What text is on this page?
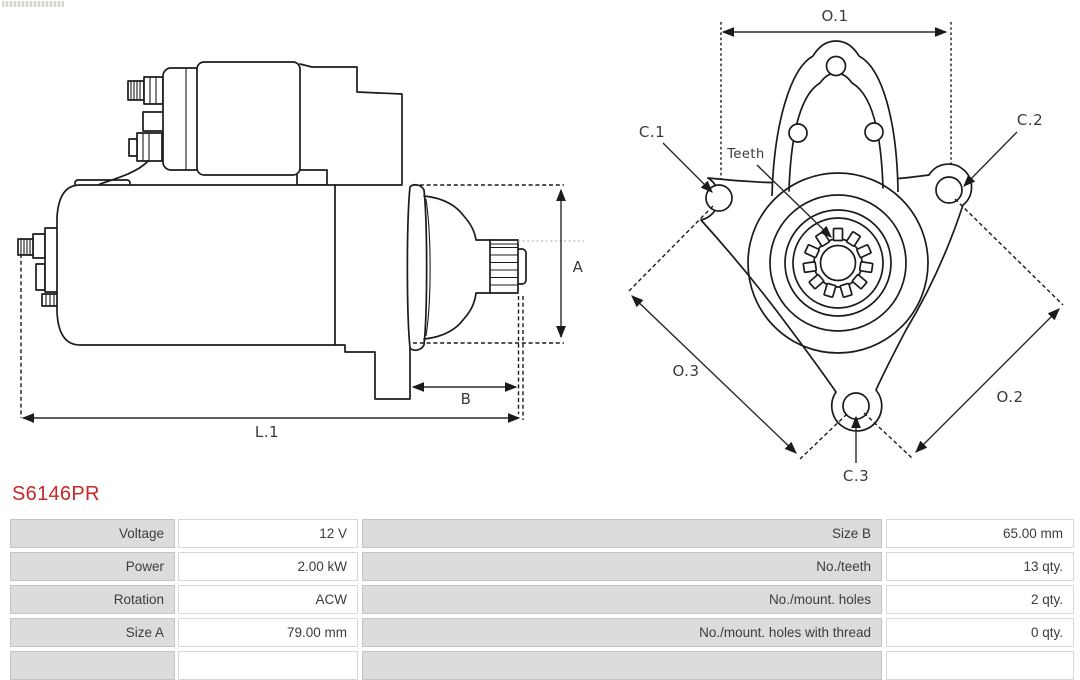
A
B
L.1
O.1
O.3
O.2
C.1
C.2
C.3
Teeth
S6146PR
Voltage	12 V	Size B	65.00 mm
Power	2.00 kW	No./teeth	13 qty.
Rotation	ACW	No./mount. holes	2 qty.
Size A	79.00 mm	No./mount. holes with thread	0 qty.
